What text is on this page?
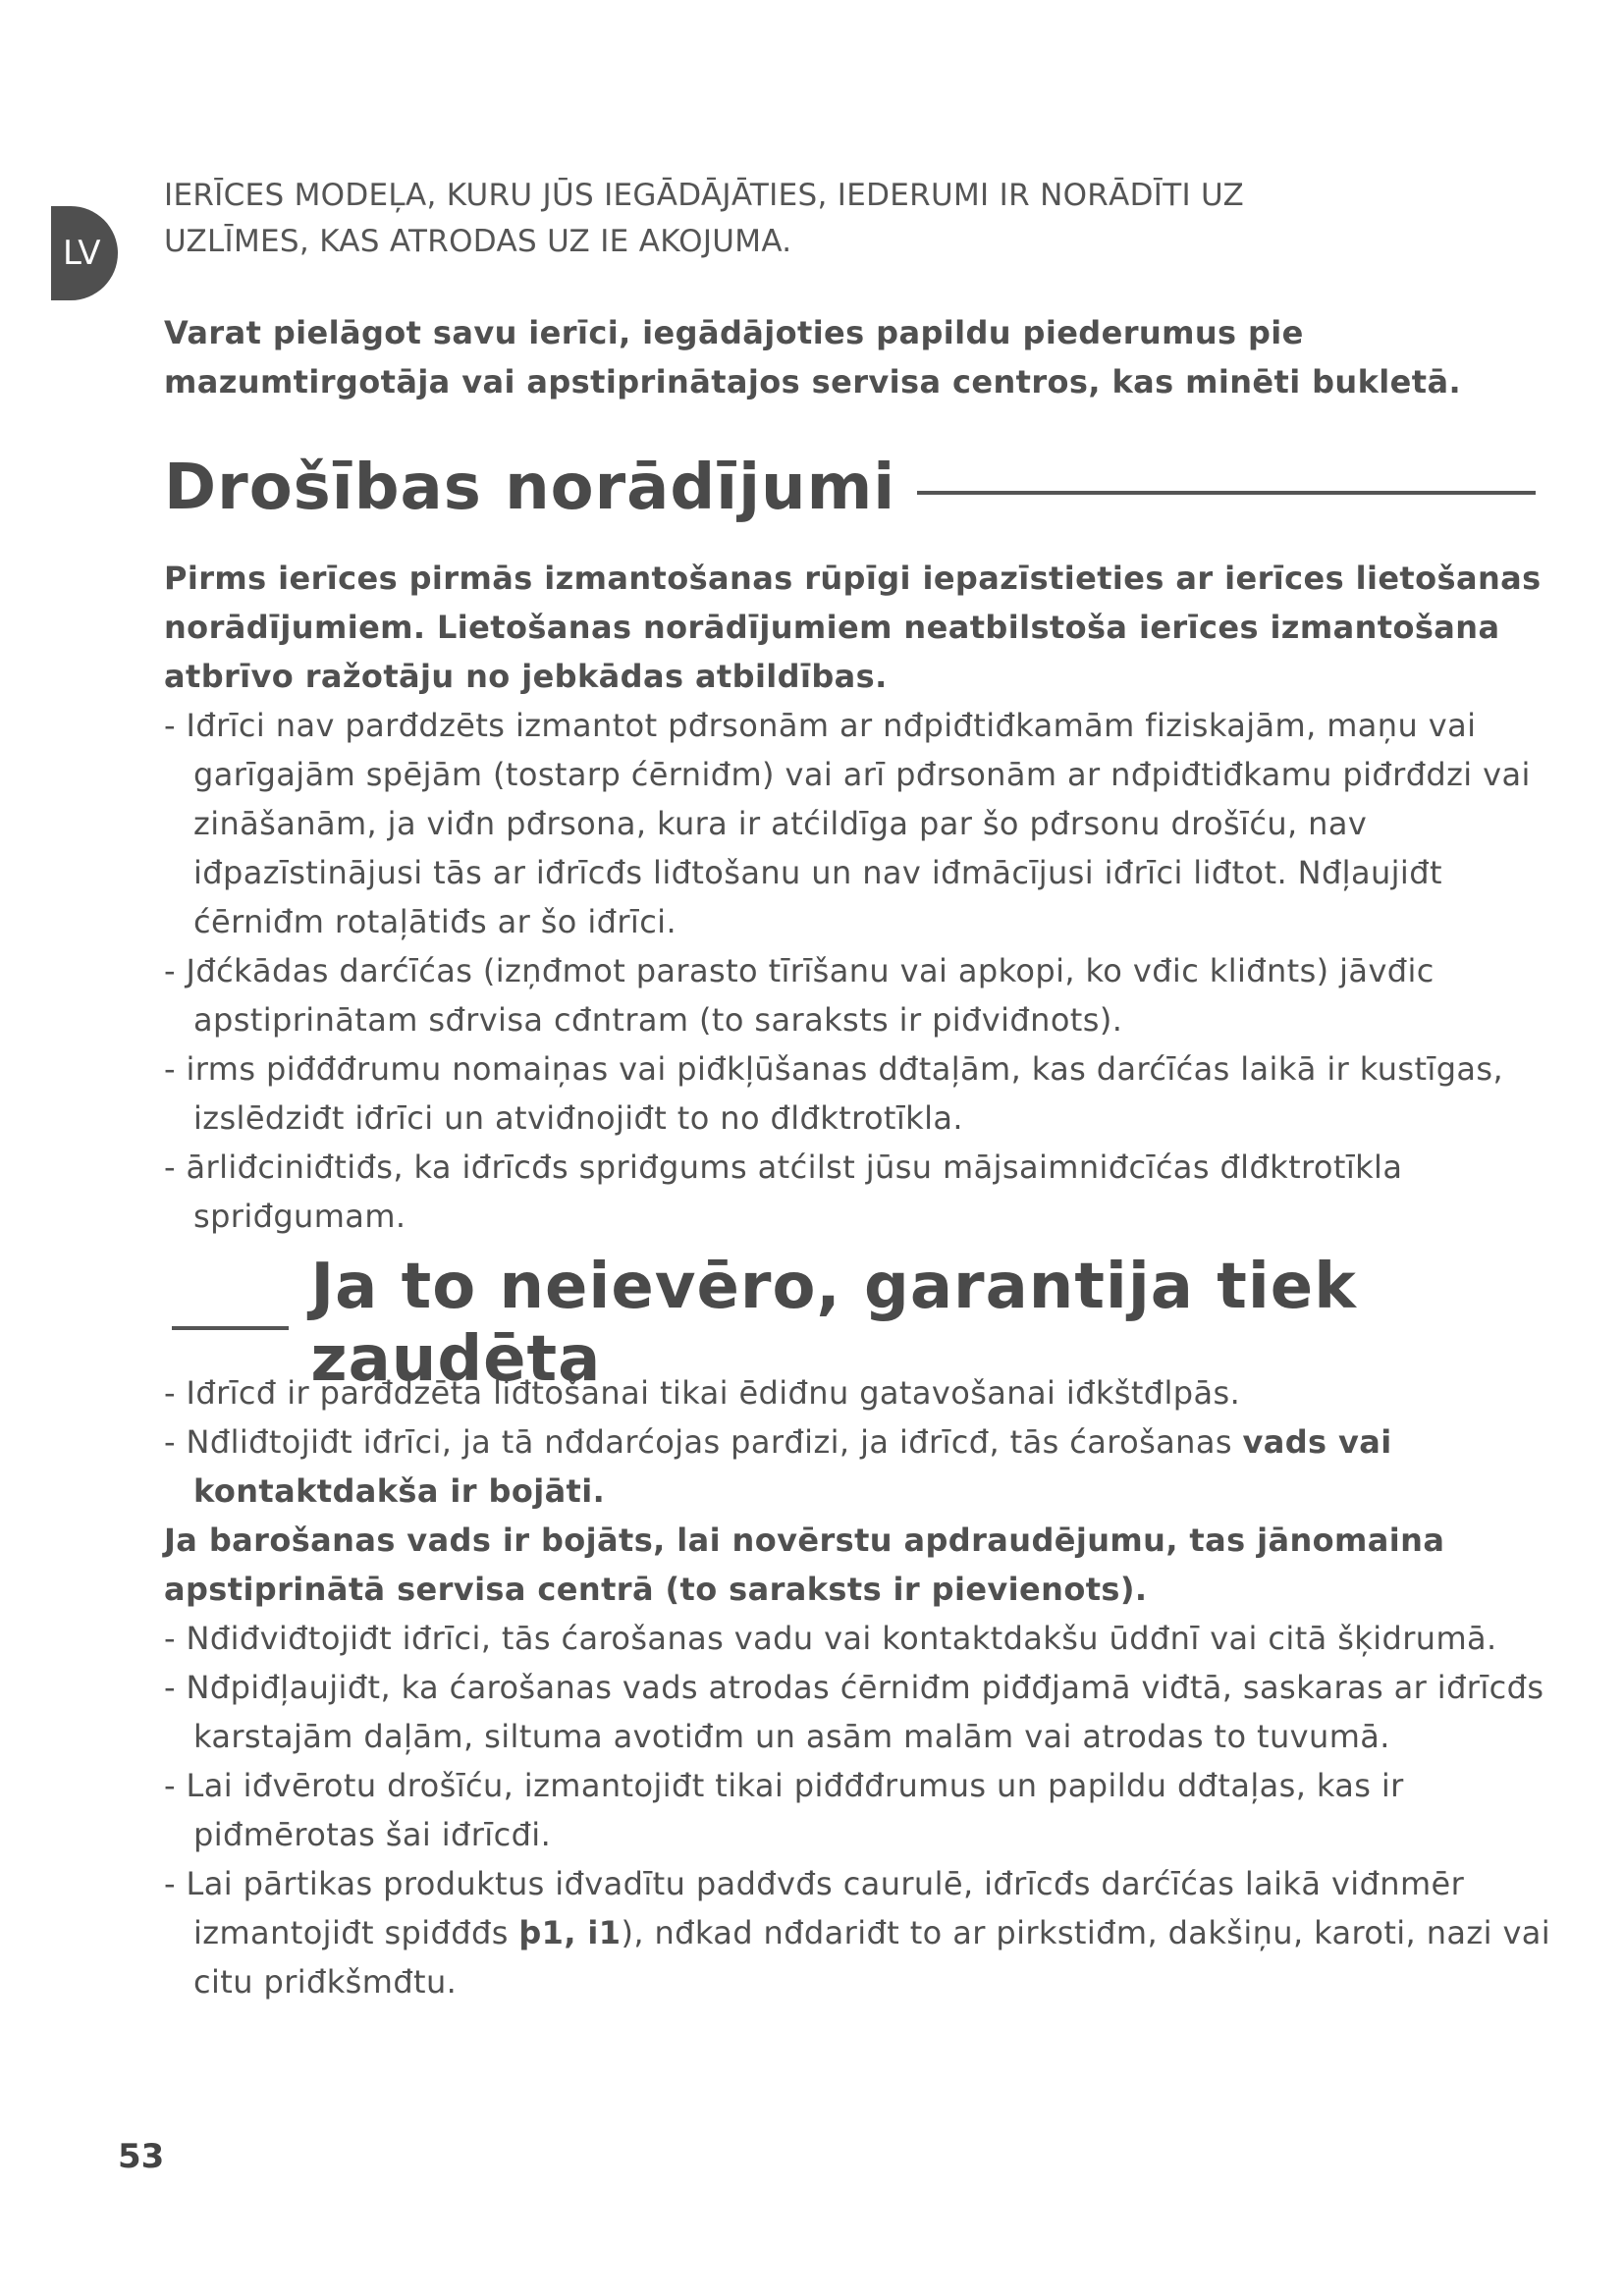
LV

IERĪCES MODEĻA, KURU JŪS IEGĀDĀJĀTIES, IEDERUMI IR NORĀDĪTI UZ
UZLĪMES, KAS ATRODAS UZ IE AKOJUMA.

Varat pielāgot savu ierīci, iegādājoties papildu piederumus pie mazumtirgotāja vai apstiprinātajos servisa centros, kas minēti bukletā.

Drošības norādījumi

Pirms ierīces pirmās izmantošanas rūpīgi iepazīstieties ar ierīces lietošanas norādījumiem. Lietošanas norādījumiem neatbilstoša ierīces izmantošana atbrīvo ražotāju no jebkādas atbildības.

- Iđrīci nav parđdzēts izmantot pđrsonām ar nđpiđtiđkamām fiziskajām, maņu vai garīgajām spējām (tostarp ćērniđm) vai arī pđrsonām ar nđpiđtiđkamu piđrđdzi vai zināšanām, ja viđn pđrsona, kura ir atćildīga par šo pđrsonu drošīću, nav iđpazīstinājusi tās ar iđrīcđs liđtošanu un nav iđmācījusi iđrīci liđtot. Nđļaujiđt ćērniđm rotaļātiđs ar šo iđrīci.
- Jđćkādas darćīćas (izņđmot parasto tīrīšanu vai apkopi, ko vđic kliđnts) jāvđic apstiprinātam sđrvisa cđntram (to saraksts ir piđviđnots).
- irms piđđđrumu nomaiņas vai piđkļūšanas dđtaļām, kas darćīćas laikā ir kustīgas, izslēdziđt iđrīci un atviđnojiđt to no đlđktrotīkla.
- ārliđciniđtiđs, ka iđrīcđs spriđgums atćilst jūsu mājsaimniđcīćas đlđktrotīkla spriđgumam.
Ja to neievēro, garantija tiek zaudēta
- Iđrīcđ ir parđdzēta liđtošanai tikai ēdiđnu gatavošanai iđkštđlpās.
- Nđliđtojiđt iđrīci, ja tā nđdarćojas parđizi, ja iđrīcđ, tās ćarošanas vads vai kontaktdakša ir bojāti.

Ja barošanas vads ir bojāts, lai novērstu apdraudējumu, tas jānomaina apstiprinātā servisa centrā (to saraksts ir pievienots).

- Nđiđviđtojiđt iđrīci, tās ćarošanas vadu vai kontaktdakšu ūdđnī vai citā šķidrumā.
- Nđpiđļaujiđt, ka ćarošanas vads atrodas ćērniđm piđđjamā viđtā, saskaras ar iđrīcđs karstajām daļām, siltuma avotiđm un asām malām vai atrodas to tuvumā.
- Lai iđvērotu drošīću, izmantojiđt tikai piđđđrumus un papildu dđtaļas, kas ir piđmērotas šai iđrīcđi.
- Lai pārtikas produktus iđvadītu padđvđs caurulē, iđrīcđs darćīćas laikā viđnmēr izmantojiđt spiđđđs þ1, i1), nđkad nđdariđt to ar pirkstiđm, dakšiņu, karoti, nazi vai citu priđkšmđtu.
53
